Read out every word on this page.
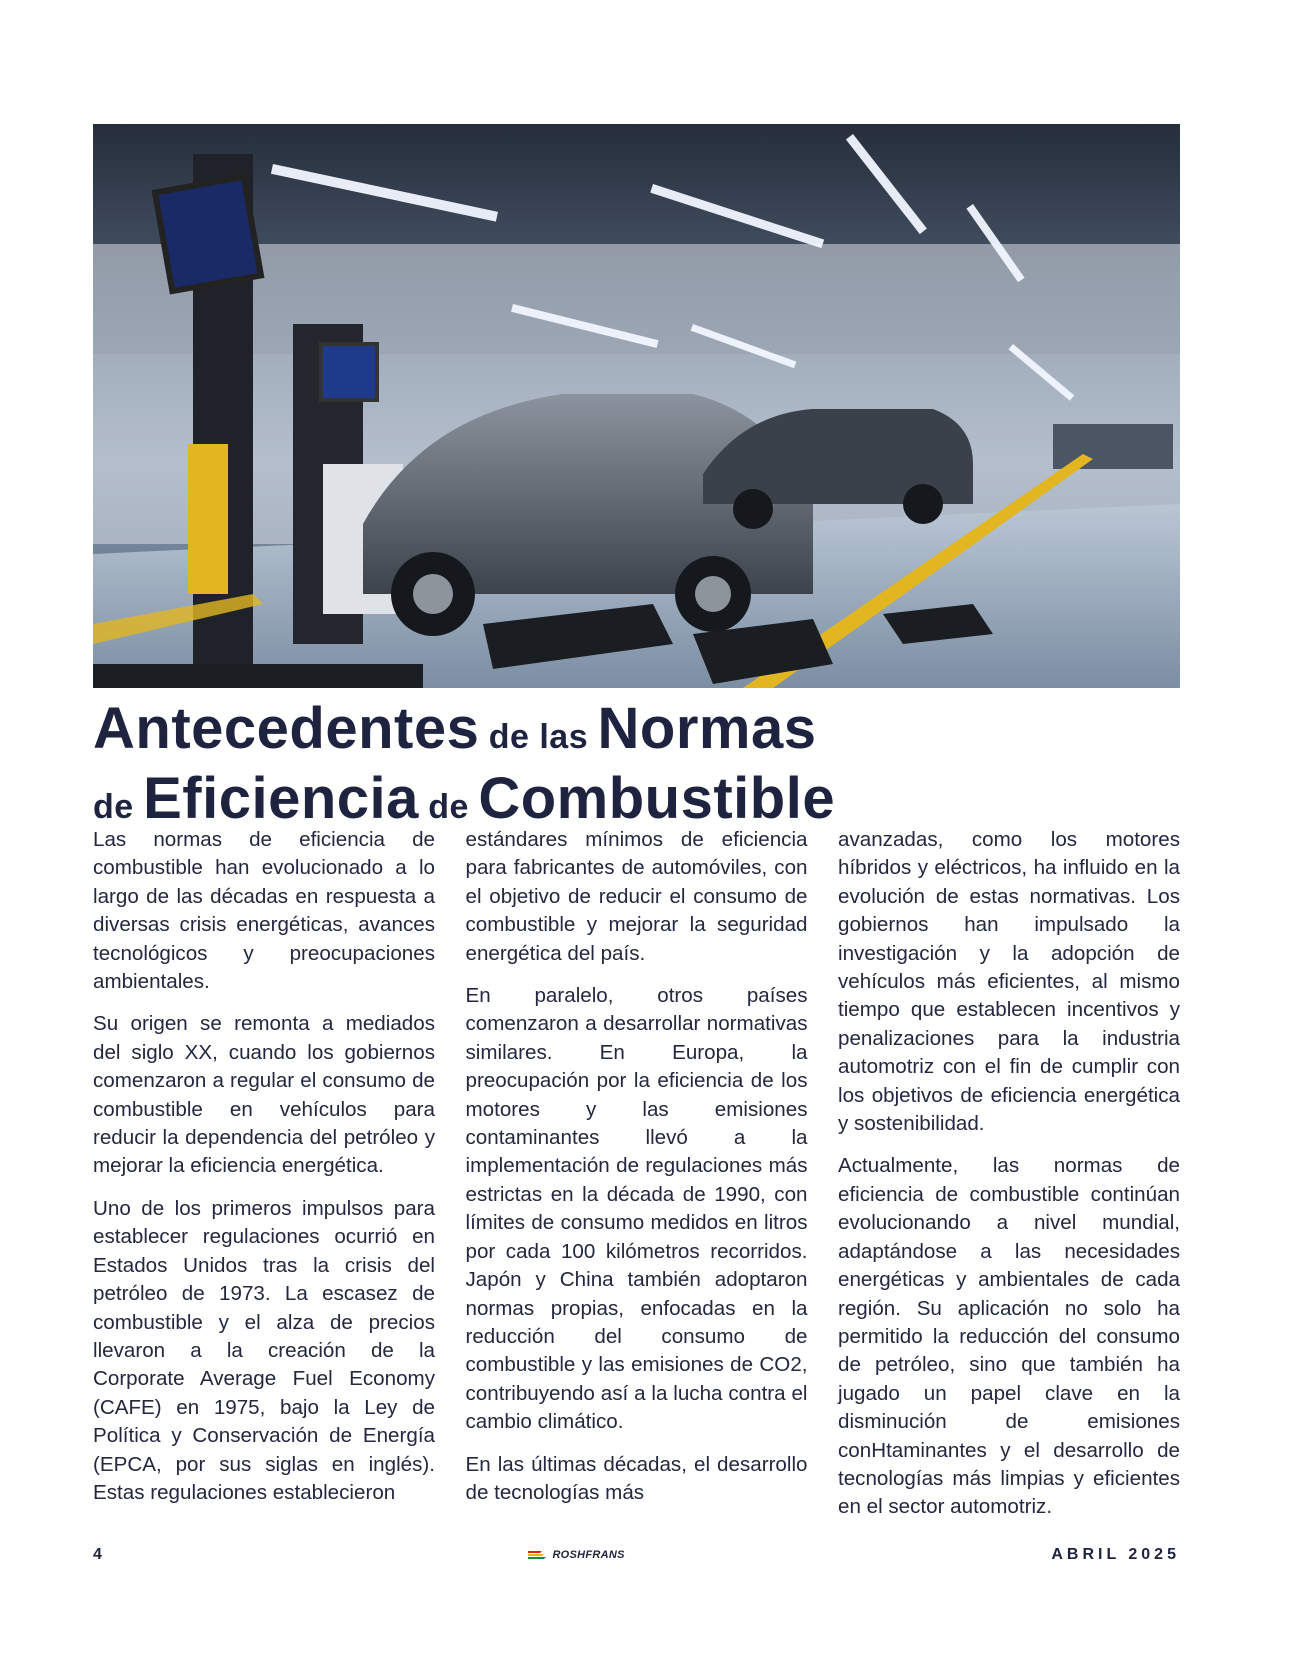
Antecedentes de las Normas
de Eficiencia de Combustible

Las normas de eficiencia de combustible han evolucionado a lo largo de las décadas en respuesta a diversas crisis energéticas, avances tecnológicos y preocupaciones ambientales.

Su origen se remonta a mediados del siglo XX, cuando los gobiernos comenzaron a regular el consumo de combustible en vehículos para reducir la dependencia del petróleo y mejorar la eficiencia energética.

Uno de los primeros impulsos para establecer regulaciones ocurrió en Estados Unidos tras la crisis del petróleo de 1973. La escasez de combustible y el alza de precios llevaron a la creación de la Corporate Average Fuel Economy (CAFE) en 1975, bajo la Ley de Política y Conservación de Energía (EPCA, por sus siglas en inglés). Estas regulaciones establecieron

estándares mínimos de eficiencia para fabricantes de automóviles, con el objetivo de reducir el consumo de combustible y mejorar la seguridad energética del país.

En paralelo, otros países comenzaron a desarrollar normativas similares. En Europa, la preocupación por la eficiencia de los motores y las emisiones contaminantes llevó a la implementación de regulaciones más estrictas en la década de 1990, con límites de consumo medidos en litros por cada 100 kilómetros recorridos. Japón y China también adoptaron normas propias, enfocadas en la reducción del consumo de combustible y las emisiones de CO2, contribuyendo así a la lucha contra el cambio climático.

En las últimas décadas, el desarrollo de tecnologías más

avanzadas, como los motores híbridos y eléctricos, ha influido en la evolución de estas normativas. Los gobiernos han impulsado la investigación y la adopción de vehículos más eficientes, al mismo tiempo que establecen incentivos y penalizaciones para la industria automotriz con el fin de cumplir con los objetivos de eficiencia energética y sostenibilidad.

Actualmente, las normas de eficiencia de combustible continúan evolucionando a nivel mundial, adaptándose a las necesidades energéticas y ambientales de cada región. Su aplicación no solo ha permitido la reducción del consumo de petróleo, sino que también ha jugado un papel clave en la disminución de emisiones conHtaminantes y el desarrollo de tecnologías más limpias y eficientes en el sector automotriz.

4	ROSHFRANS	ABRIL 2025
